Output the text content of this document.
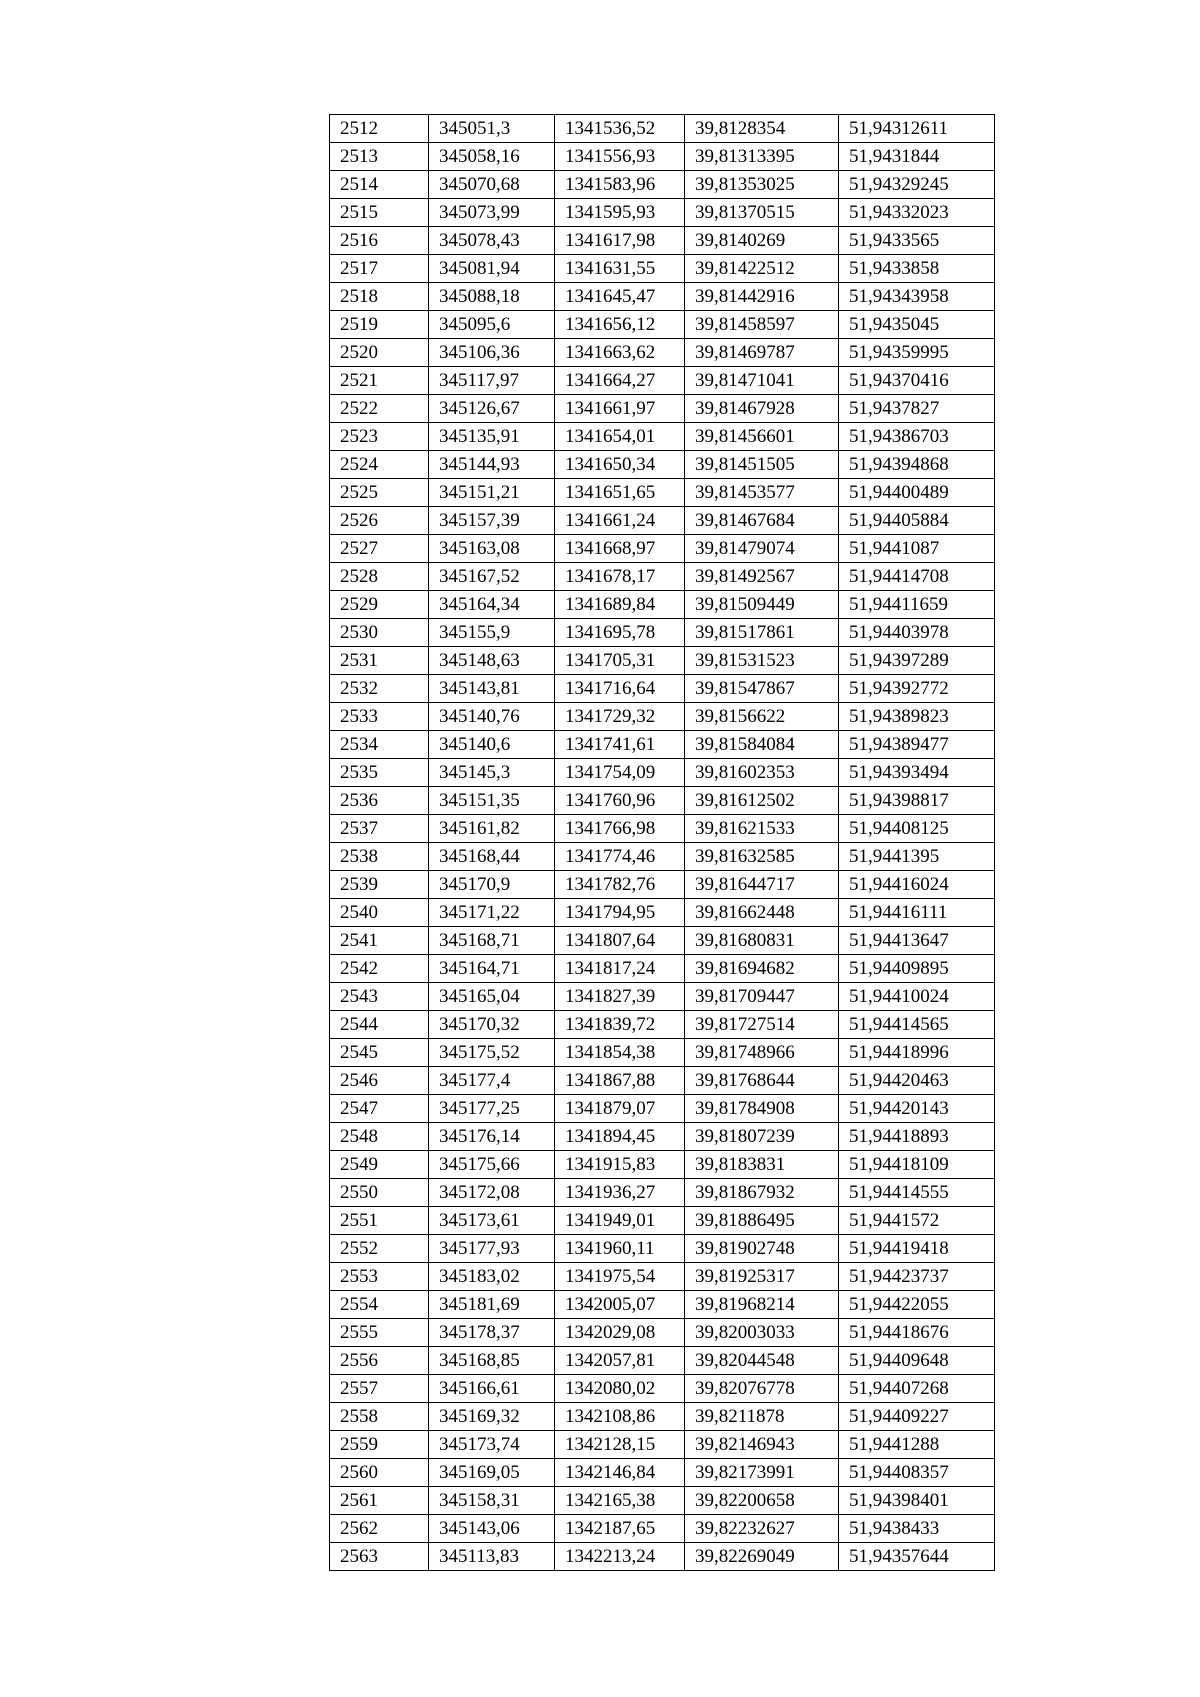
2512	345051,3	1341536,52	39,8128354	51,94312611
2513	345058,16	1341556,93	39,81313395	51,9431844
2514	345070,68	1341583,96	39,81353025	51,94329245
2515	345073,99	1341595,93	39,81370515	51,94332023
2516	345078,43	1341617,98	39,8140269	51,9433565
2517	345081,94	1341631,55	39,81422512	51,9433858
2518	345088,18	1341645,47	39,81442916	51,94343958
2519	345095,6	1341656,12	39,81458597	51,9435045
2520	345106,36	1341663,62	39,81469787	51,94359995
2521	345117,97	1341664,27	39,81471041	51,94370416
2522	345126,67	1341661,97	39,81467928	51,9437827
2523	345135,91	1341654,01	39,81456601	51,94386703
2524	345144,93	1341650,34	39,81451505	51,94394868
2525	345151,21	1341651,65	39,81453577	51,94400489
2526	345157,39	1341661,24	39,81467684	51,94405884
2527	345163,08	1341668,97	39,81479074	51,9441087
2528	345167,52	1341678,17	39,81492567	51,94414708
2529	345164,34	1341689,84	39,81509449	51,94411659
2530	345155,9	1341695,78	39,81517861	51,94403978
2531	345148,63	1341705,31	39,81531523	51,94397289
2532	345143,81	1341716,64	39,81547867	51,94392772
2533	345140,76	1341729,32	39,8156622	51,94389823
2534	345140,6	1341741,61	39,81584084	51,94389477
2535	345145,3	1341754,09	39,81602353	51,94393494
2536	345151,35	1341760,96	39,81612502	51,94398817
2537	345161,82	1341766,98	39,81621533	51,94408125
2538	345168,44	1341774,46	39,81632585	51,9441395
2539	345170,9	1341782,76	39,81644717	51,94416024
2540	345171,22	1341794,95	39,81662448	51,94416111
2541	345168,71	1341807,64	39,81680831	51,94413647
2542	345164,71	1341817,24	39,81694682	51,94409895
2543	345165,04	1341827,39	39,81709447	51,94410024
2544	345170,32	1341839,72	39,81727514	51,94414565
2545	345175,52	1341854,38	39,81748966	51,94418996
2546	345177,4	1341867,88	39,81768644	51,94420463
2547	345177,25	1341879,07	39,81784908	51,94420143
2548	345176,14	1341894,45	39,81807239	51,94418893
2549	345175,66	1341915,83	39,8183831	51,94418109
2550	345172,08	1341936,27	39,81867932	51,94414555
2551	345173,61	1341949,01	39,81886495	51,9441572
2552	345177,93	1341960,11	39,81902748	51,94419418
2553	345183,02	1341975,54	39,81925317	51,94423737
2554	345181,69	1342005,07	39,81968214	51,94422055
2555	345178,37	1342029,08	39,82003033	51,94418676
2556	345168,85	1342057,81	39,82044548	51,94409648
2557	345166,61	1342080,02	39,82076778	51,94407268
2558	345169,32	1342108,86	39,8211878	51,94409227
2559	345173,74	1342128,15	39,82146943	51,9441288
2560	345169,05	1342146,84	39,82173991	51,94408357
2561	345158,31	1342165,38	39,82200658	51,94398401
2562	345143,06	1342187,65	39,82232627	51,9438433
2563	345113,83	1342213,24	39,82269049	51,94357644
